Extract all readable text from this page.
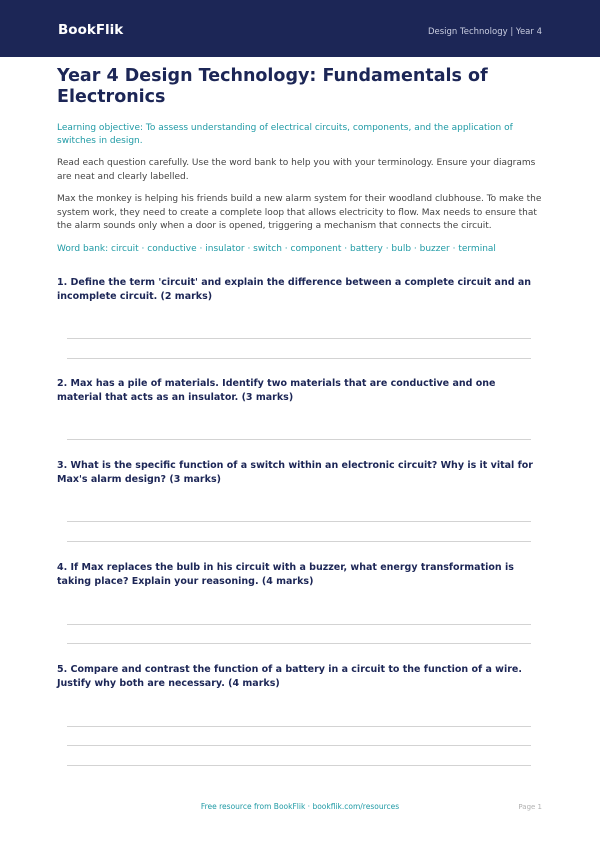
BookFlik	Design Technology | Year 4
Year 4 Design Technology: Fundamentals of Electronics
Learning objective: To assess understanding of electrical circuits, components, and the application of switches in design.
Read each question carefully. Use the word bank to help you with your terminology. Ensure your diagrams are neat and clearly labelled.
Max the monkey is helping his friends build a new alarm system for their woodland clubhouse. To make the system work, they need to create a complete loop that allows electricity to flow. Max needs to ensure that the alarm sounds only when a door is opened, triggering a mechanism that connects the circuit.
Word bank: circuit · conductive · insulator · switch · component · battery · bulb · buzzer · terminal
1. Define the term 'circuit' and explain the difference between a complete circuit and an incomplete circuit. (2 marks)
2. Max has a pile of materials. Identify two materials that are conductive and one material that acts as an insulator. (3 marks)
3. What is the specific function of a switch within an electronic circuit? Why is it vital for Max's alarm design? (3 marks)
4. If Max replaces the bulb in his circuit with a buzzer, what energy transformation is taking place? Explain your reasoning. (4 marks)
5. Compare and contrast the function of a battery in a circuit to the function of a wire. Justify why both are necessary. (4 marks)
Free resource from BookFlik · bookflik.com/resources	Page 1
